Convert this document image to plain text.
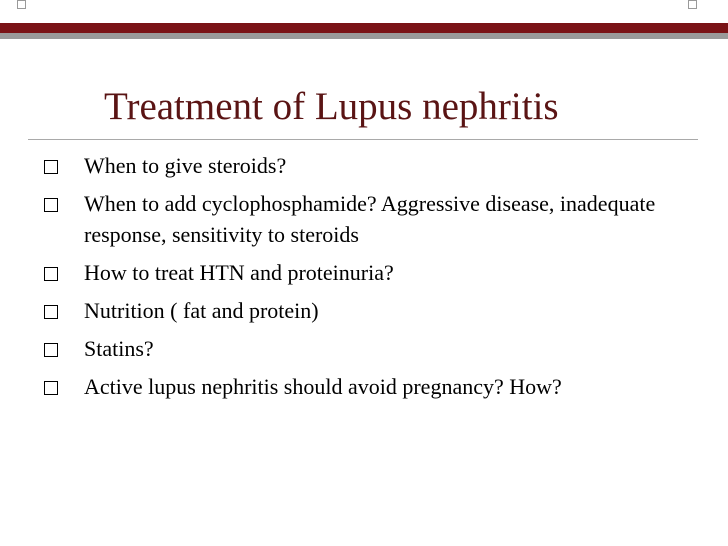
Treatment of Lupus nephritis
When to give steroids?
When to add cyclophosphamide? Aggressive disease, inadequate response, sensitivity to steroids
How to treat HTN and proteinuria?
Nutrition ( fat and protein)
Statins?
Active lupus nephritis should avoid pregnancy? How?
